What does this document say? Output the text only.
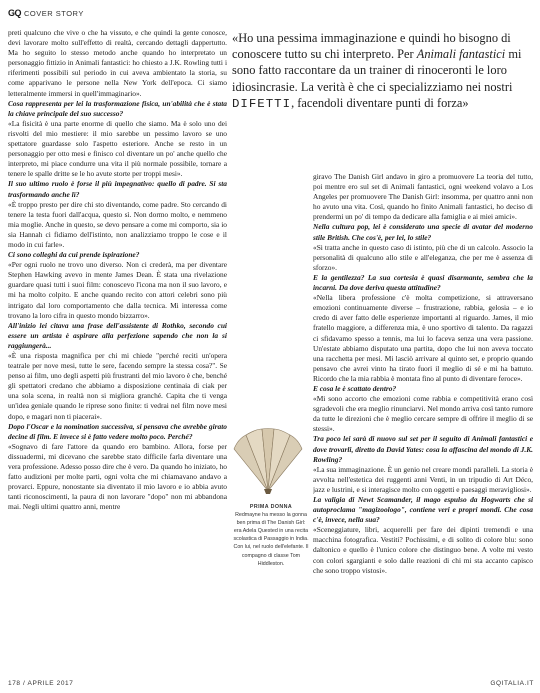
GQ COVER STORY

preti qualcuno che vive o che ha vissuto, e che quindi la gente conosce, devi lavorare molto sull'effetto di realtà, cercando dettagli dappertutto. Ma ho seguito lo stesso metodo anche quando ho interpretato un personaggio fittizio in Animali fantastici: ho chiesto a J.K. Rowling tutti i riferimenti possibili sul periodo in cui aveva ambientato la storia, su come apparivano le persone nella New York dell'epoca. Ci siamo letteralmente immersi in quell'immaginario».

Cosa rappresenta per lei la trasformazione fisica, un'abilità che è stata la chiave principale del suo successo?

«La fisicità è una parte enorme di quello che siamo. Ma è solo uno dei risvolti del mio mestiere: il mio sarebbe un pessimo lavoro se uno spettatore guardasse solo l'aspetto esteriore. Anche se resto in un personaggio per otto mesi e finisco col diventare un po' anche quello che interpreto, mi piace condurre una vita il più normale possibile, tornare a tenere le spalle dritte se le ho avute storte per troppi mesi».

Il suo ultimo ruolo è forse il più impegnativo: quello di padre. Si sta trasformando anche lì?

«È troppo presto per dire chi sto diventando, come padre. Sto cercando di tenere la testa fuori dall'acqua, questo sì. Non dormo molto, e nemmeno mia moglie. Anche in questo, se devo pensare a come mi comporto, sia io sia Hannah ci fidiamo dell'istinto, non analizziamo troppo le cose e il modo in cui farle».

Ci sono colleghi da cui prende ispirazione?

«Per ogni ruolo ne trovo uno diverso. Non ci crederà, ma per diventare Stephen Hawking avevo in mente James Dean. È stata una rivelazione guardare quasi tutti i suoi film: conoscevo l'icona ma non il suo lavoro, e mi ha molto colpito. E anche quando recito con attori celebri sono più intrigato dal loro comportamento che dalla tecnica. Mi interessa come trovano la loro cifra in questo mondo bizzarro».

All'inizio lei citava una frase dell'assistente di Rothko, secondo cui essere un artista è aspirare alla perfezione sapendo che non la si raggiungerà...

«È una risposta magnifica per chi mi chiede "perché reciti un'opera teatrale per nove mesi, tutte le sere, facendo sempre la stessa cosa?". Se penso ai film, uno degli aspetti più frustranti del mio lavoro è che, benché gli spettatori credano che abbiamo a disposizione centinaia di ciak per una sola scena, in realtà non si migliora granché. Capita che ti venga un'idea geniale quando le riprese sono finite: ti vedrai nel film nove mesi dopo, e magari non ti piacerai».

Dopo l'Oscar e la nomination successiva, si pensava che avrebbe girato decine di film. E invece si è fatto vedere molto poco. Perché?

«Sognavo di fare l'attore da quando ero bambino. Allora, forse per dissuadermi, mi dicevano che sarebbe stato difficile farla diventare una vera professione. Adesso posso dire che è vero. Da quando ho iniziato, ho fatto audizioni per molte parti, ogni volta che mi chiamavano andavo a provarci. Eppure, nonostante sia diventato il mio lavoro e io abbia avuto tanti riconoscimenti, la paura di non lavorare "dopo" non mi abbandona mai. Negli ultimi quattro anni, mentre

«Ho una pessima immaginazione e quindi ho bisogno di conoscere tutto su chi interpreto. Per Animali fantastici mi sono fatto raccontare da un trainer di rinoceronti le loro idiosincrasie. La verità è che ci specializziamo nei nostri DIFETTI, facendoli diventare punti di forza»
PRIMA DONNA
Redmayne ha messo la gonna ben prima di The Danish Girl: era Adela Quested in una recita scolastica di Passaggio in India. Con lui, nel ruolo dell'elefante. Il compagno di classe Tom Hiddleston.

giravo The Danish Girl andavo in giro a promuovere La teoria del tutto, poi mentre ero sul set di Animali fantastici, ogni weekend volavo a Los Angeles per promuovere The Danish Girl: insomma, per quattro anni non ho avuto una vita. Così, quando ho finito Animali fantastici, ho deciso di prendermi un po' di tempo da dedicare alla famiglia e ai miei amici».

Nella cultura pop, lei è considerato una specie di avatar del moderno stile British. Che cos'è, per lei, lo stile?

«Si tratta anche in questo caso di istinto, più che di un calcolo. Associo la personalità di qualcuno allo stile e all'eleganza, che per me è assenza di sforzo».

E la gentilezza? La sua cortesia è quasi disarmante, sembra che la incarni. Da dove deriva questa attitudine?

«Nella libera professione c'è molta competizione, si attraversano emozioni continuamente diverse – frustrazione, rabbia, gelosia – e io credo di aver fatto delle esperienze importanti al riguardo. James, il mio fratello maggiore, a differenza mia, è uno sportivo di talento. Da ragazzi ci sfidavamo spesso a tennis, ma lui lo faceva senza una vera passione. Un'estate abbiamo disputato una partita, dopo che lui non aveva toccato una racchetta per mesi. Mi lasciò arrivare al quinto set, e proprio quando pensavo che avrei vinto ha tirato fuori il meglio di sé e mi ha battuto. Ricordo che la mia rabbia è montata fino al punto di diventare feroce».

E cosa le è scattato dentro?

«Mi sono accorto che emozioni come rabbia e competitività erano così sgradevoli che era meglio rinunciarvi. Nel mondo arriva così tanto rumore da tutte le direzioni che è meglio cercare sempre di offrire il meglio di se stessi».

Tra poco lei sarà di nuovo sul set per il seguito di Animali fantastici e dove trovarli, diretto da David Yates: cosa la affascina del mondo di J.K. Rowling?

«La sua immaginazione. È un genio nel creare mondi paralleli. La storia è avvolta nell'estetica dei ruggenti anni Venti, in un tripudio di Art Déco, jazz e lustrini, e si interagisce molto con oggetti e paesaggi meravigliosi».

La valigia di Newt Scamander, il mago espulso da Hogwarts che si autoproclama "magizoologo", contiene veri e propri mondi. Che cosa c'è, invece, nella sua?

«Sceneggiature, libri, acquerelli per fare dei dipinti tremendi e una macchina fotografica. Vestiti? Pochissimi, e di solito di colore blu: sono daltonico e quello è l'unico colore che distinguo bene. A volte mi vesto con colori sgargianti e solo dalle reazioni di chi mi sta accanto capisco che sono troppo vistosi».

178 / APRILE 2017	GQITALIA.IT
